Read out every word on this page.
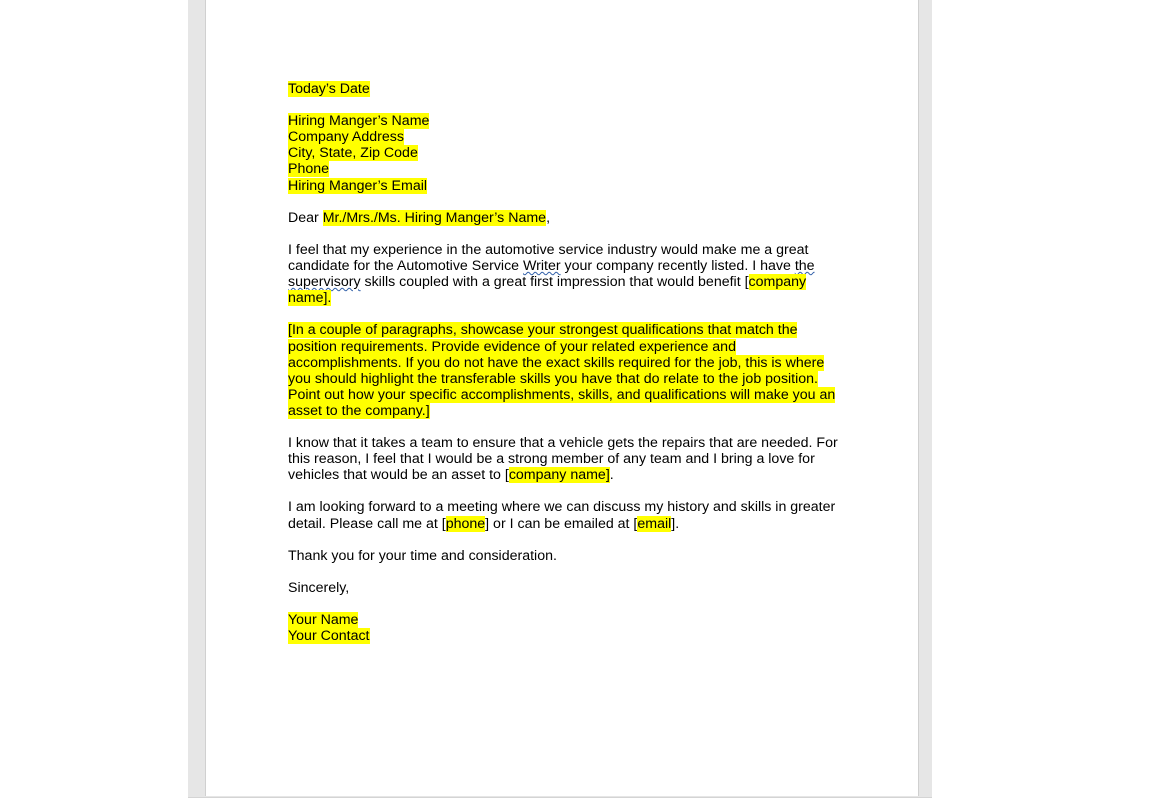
Today’s Date
Hiring Manger’s Name
Company Address
City, State, Zip Code
Phone
Hiring Manger’s Email
Dear Mr./Mrs./Ms. Hiring Manger’s Name,
I feel that my experience in the automotive service industry would make me a great
candidate for the Automotive Service Writer your company recently listed. I have the
supervisory skills coupled with a great first impression that would benefit [company
name].
[In a couple of paragraphs, showcase your strongest qualifications that match the
position requirements. Provide evidence of your related experience and
accomplishments. If you do not have the exact skills required for the job, this is where
you should highlight the transferable skills you have that do relate to the job position.
Point out how your specific accomplishments, skills, and qualifications will make you an
asset to the company.]
I know that it takes a team to ensure that a vehicle gets the repairs that are needed. For
this reason, I feel that I would be a strong member of any team and I bring a love for
vehicles that would be an asset to [company name].
I am looking forward to a meeting where we can discuss my history and skills in greater
detail. Please call me at [phone] or I can be emailed at [email].
Thank you for your time and consideration.
Sincerely,
Your Name
Your Contact
